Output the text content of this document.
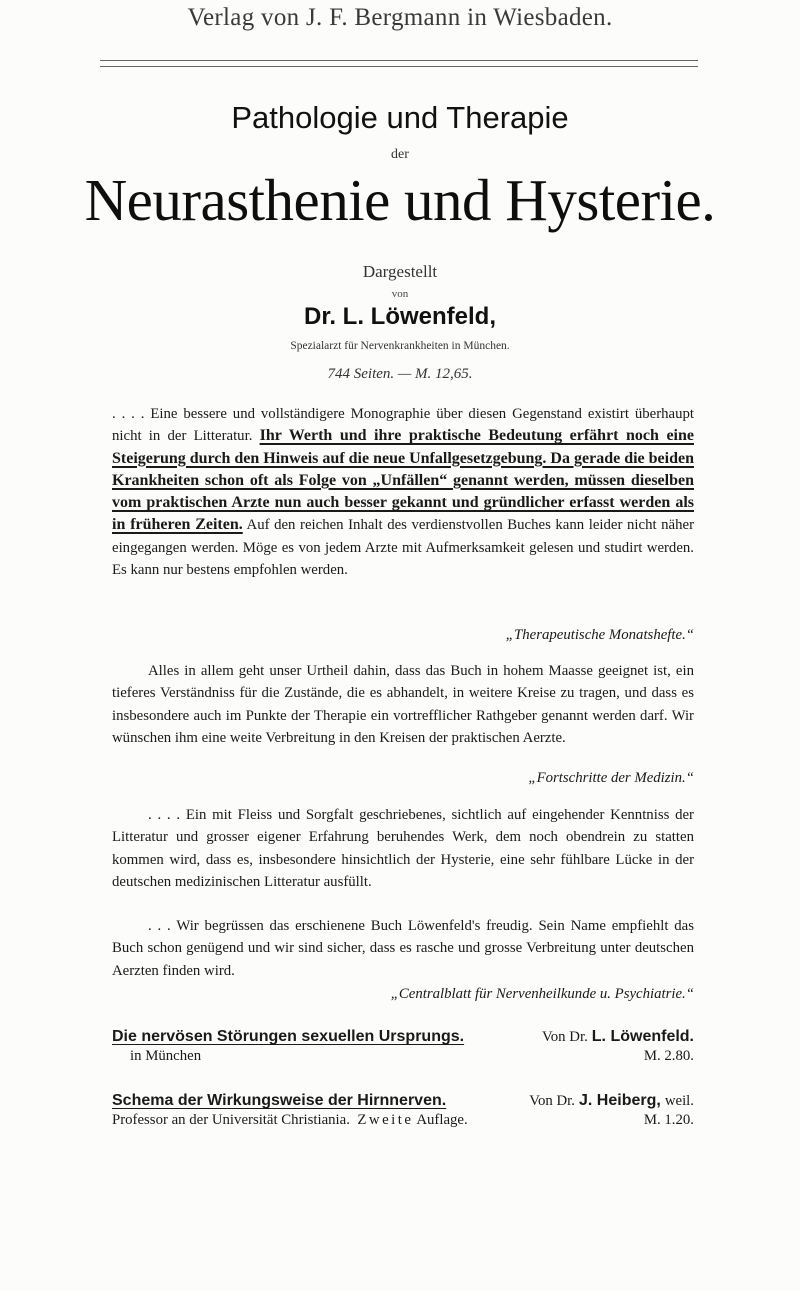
Verlag von J. F. Bergmann in Wiesbaden.
Pathologie und Therapie
der
Neurasthenie und Hysterie.
Dargestellt
von
Dr. L. Löwenfeld,
Spezialarzt für Nervenkrankheiten in München.
744 Seiten. — M. 12,65.
. . . . Eine bessere und vollständigere Monographie über diesen Gegenstand existirt überhaupt nicht in der Litteratur. Ihr Werth und ihre praktische Bedeutung erfährt noch eine Steigerung durch den Hinweis auf die neue Unfallgesetzgebung. Da gerade die beiden Krankheiten schon oft als Folge von „Unfällen“ genannt werden, müssen dieselben vom praktischen Arzte nun auch besser gekannt und gründlicher erfasst werden als in früheren Zeiten. Auf den reichen Inhalt des verdienstvollen Buches kann leider nicht näher eingegangen werden. Möge es von jedem Arzte mit Aufmerksamkeit gelesen und studirt werden. Es kann nur bestens empfohlen werden.
„Therapeutische Monatshefte.“
Alles in allem geht unser Urtheil dahin, dass das Buch in hohem Maasse geeignet ist, ein tieferes Verständniss für die Zustände, die es abhandelt, in weitere Kreise zu tragen, und dass es insbesondere auch im Punkte der Therapie ein vortrefflicher Rathgeber genannt werden darf. Wir wünschen ihm eine weite Verbreitung in den Kreisen der praktischen Aerzte.
„Fortschritte der Medizin.“
. . . . Ein mit Fleiss und Sorgfalt geschriebenes, sichtlich auf eingehender Kenntniss der Litteratur und grosser eigener Erfahrung beruhendes Werk, dem noch obendrein zu statten kommen wird, dass es, insbesondere hinsichtlich der Hysterie, eine sehr fühlbare Lücke in der deutschen medizinischen Litteratur ausfüllt.
. . . Wir begrüssen das erschienene Buch Löwenfeld's freudig. Sein Name empfiehlt das Buch schon genügend und wir sind sicher, dass es rasche und grosse Verbreitung unter deutschen Aerzten finden wird.
„Centralblatt für Nervenheilkunde u. Psychiatrie.“
Die nervösen Störungen sexuellen Ursprungs.	Von Dr. L. Löwenfeld.
in München	M. 2.80.
Schema der Wirkungsweise der Hirnnerven.	Von Dr. J. Heiberg, weil.
Professor an der Universität Christiania. Zweite Auflage.	M. 1.20.
